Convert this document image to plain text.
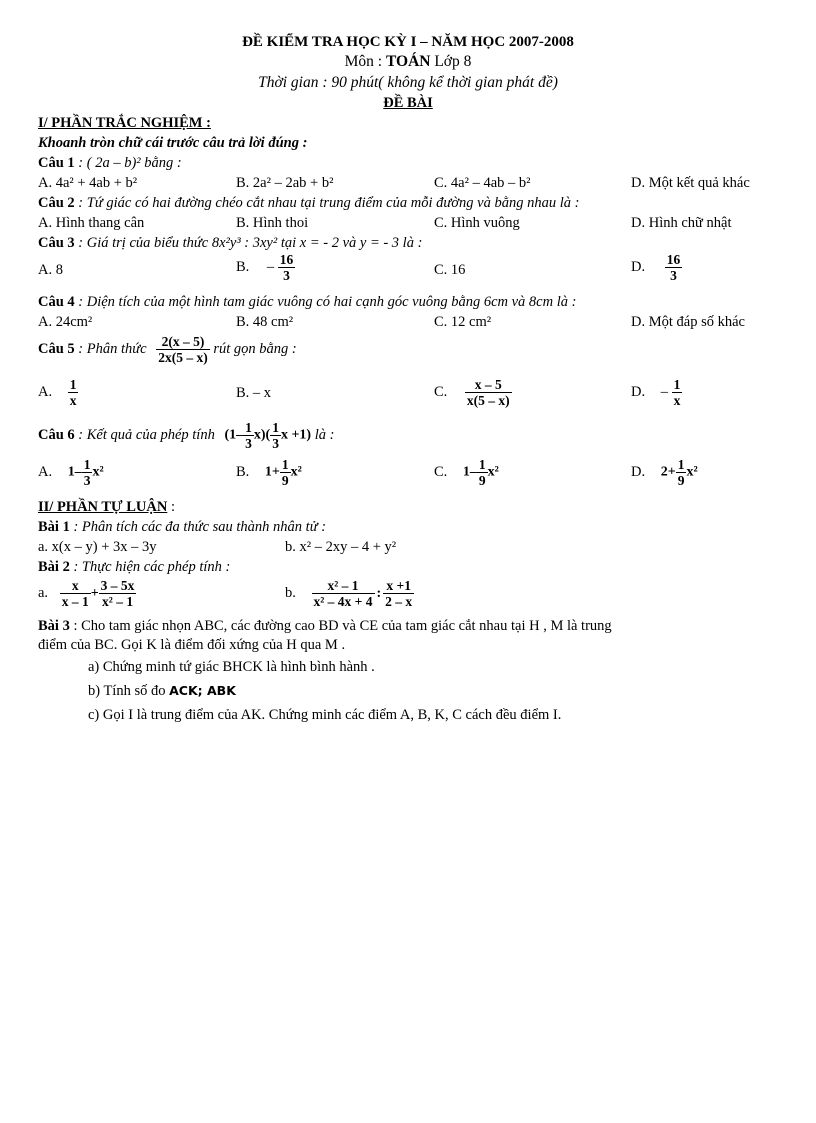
ĐỀ KIỂM TRA HỌC KỲ I – NĂM HỌC 2007-2008
Môn : TOÁN Lớp 8
Thời gian : 90 phút( không kể thời gian phát đề)
ĐỀ BÀI
I/ PHẦN TRẮC NGHIỆM :
Khoanh tròn chữ cái trước câu trả lời đúng :
Câu 1 : ( 2a – b)² bằng :
A. 4a² + 4ab + b²	B. 2a² – 2ab + b²	C. 4a² – 4ab – b²	D. Một kết quả khác
Câu 2 : Tứ giác có hai đường chéo cắt nhau tại trung điểm của mỗi đường và bằng nhau là :
A. Hình thang cân	B. Hình thoi	C. Hình vuông	D. Hình chữ nhật
Câu 3 : Giá trị của biểu thức 8x²y³ : 3xy² tại x = - 2 và y = - 3 là :
A. 8	B. – $\frac{16}{3}$	C. 16	D. $\frac{16}{3}$
Câu 4 : Diện tích của một hình tam giác vuông có hai cạnh góc vuông bằng 6cm và 8cm là :
A. 24cm²	B. 48 cm²	C. 12 cm²	D. Một đáp số khác
Câu 5 : Phân thức $\frac{2(x - 5)}{2x(5 - x)}$ rút gọn bằng :
A. $\frac{1}{x}$	B. – x	C. $\frac{x - 5}{x(5 - x)}$	D. – $\frac{1}{x}$
Câu 6 : Kết quả của phép tính $(1- \frac{1}{3} x)( \frac{1}{3}$ x +1) là :
A. $1- \frac{1}{3} x^2$	B. $1+ \frac{1}{9} x^2$	C. $1- \frac{1}{9} x^2$	D. $2+ \frac{1}{9} x^2$
II/ PHẦN TỰ LUẬN :
Bài 1 : Phân tích các đa thức sau thành nhân tử :
a. x(x – y) + 3x – 3y	b. x² – 2xy – 4 + y²
Bài 2 : Thực hiện các phép tính :
a. $\frac{x}{x - 1} + \frac{3 - 5x}{\text{x² – 1}}$	b. $\frac{\text{x² – 1}}{\text{x² – 4x + 4}}$ : $\frac{x +1}{2 - x}$
Bài 3 : Cho tam giác nhọn ABC, các đường cao BD và CE của tam giác cắt nhau tại H , M là trung
điểm của BC. Gọi K là điểm đối xứng của H qua M .
a) Chứng minh tứ giác BHCK là hình bình hành .
b) Tính số đo ACK; ABK
c) Gọi I là trung điểm của AK. Chứng minh các điểm A, B, K, C cách đều điểm I.
